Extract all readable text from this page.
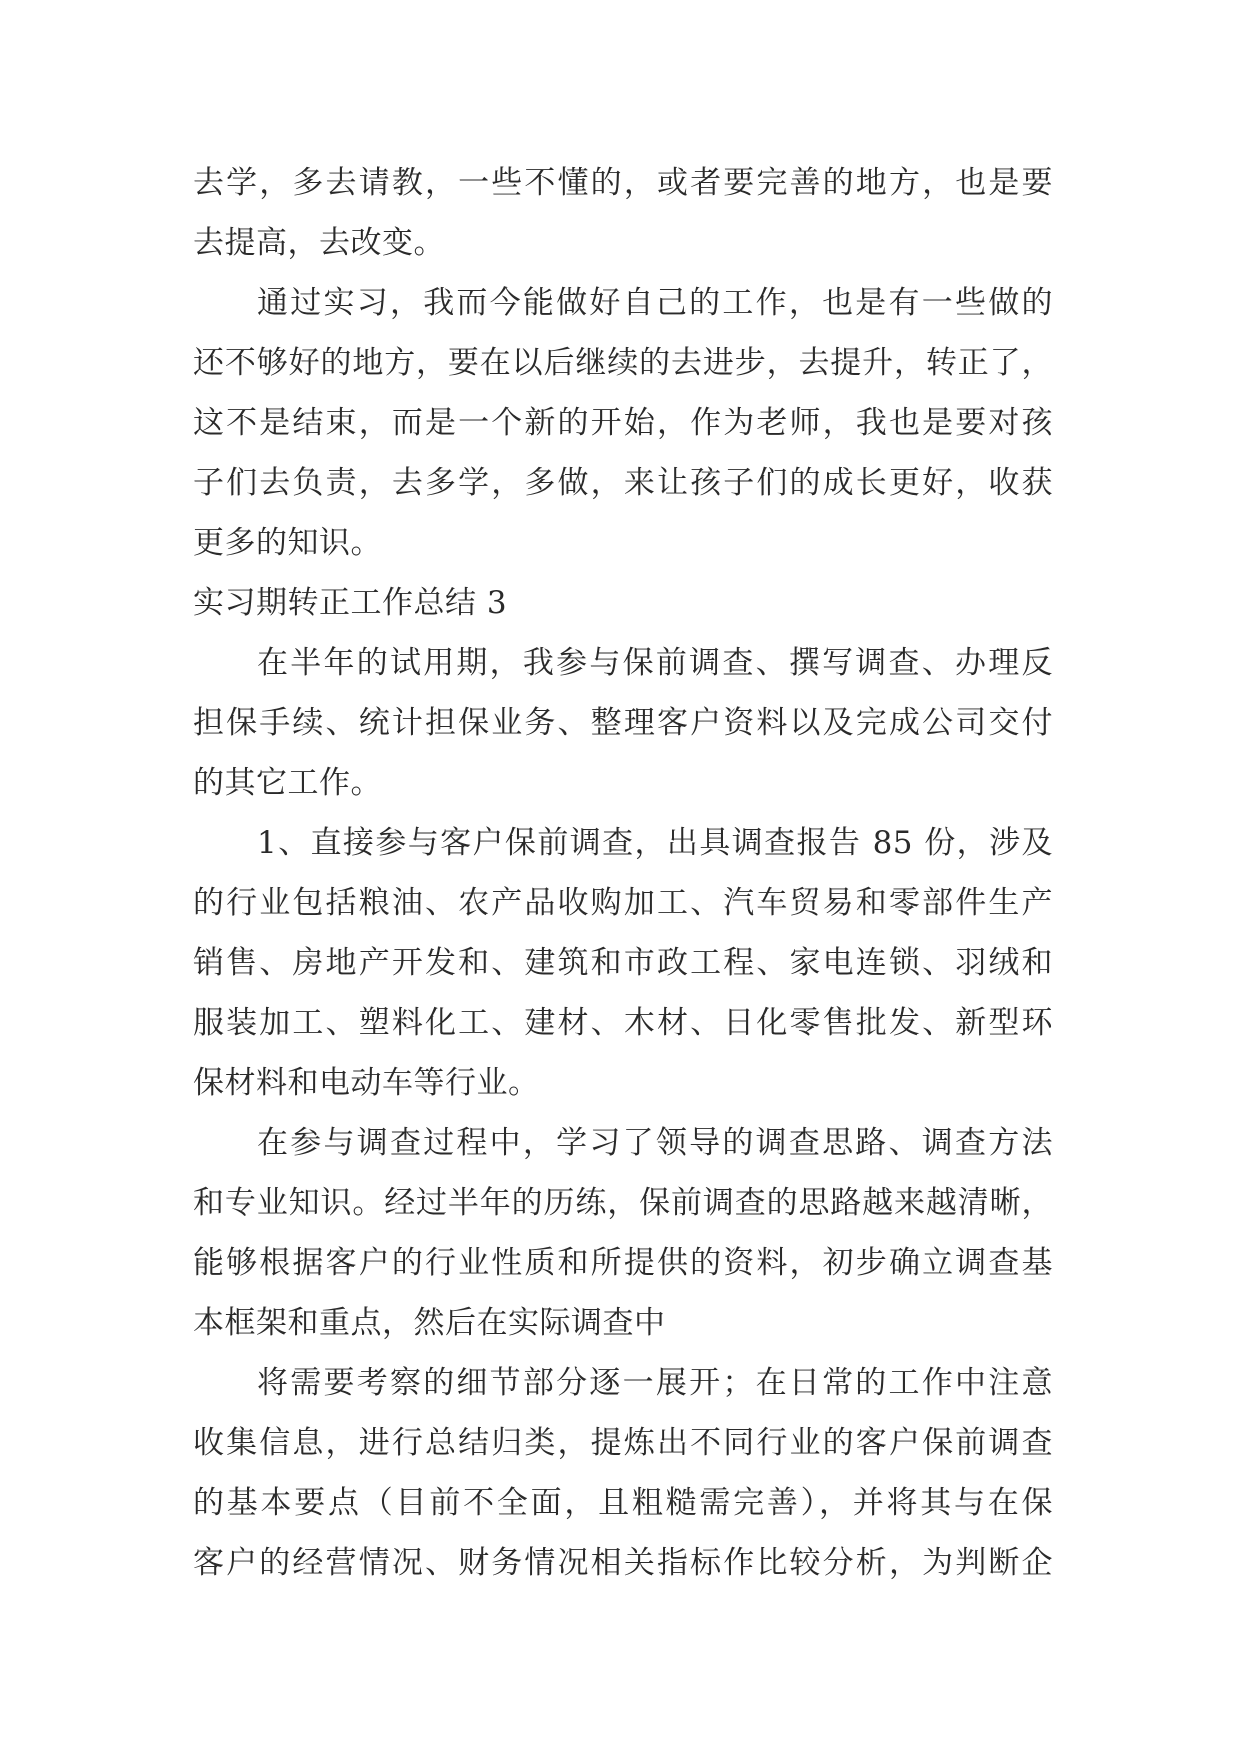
去学，多去请教，一些不懂的，或者要完善的地方，也是要
去提高，去改变。
通过实习，我而今能做好自己的工作，也是有一些做的
还不够好的地方，要在以后继续的去进步，去提升，转正了，
这不是结束，而是一个新的开始，作为老师，我也是要对孩
子们去负责，去多学，多做，来让孩子们的成长更好，收获
更多的知识。
实习期转正工作总结 3
在半年的试用期，我参与保前调查、撰写调查、办理反
担保手续、统计担保业务、整理客户资料以及完成公司交付
的其它工作。
1、直接参与客户保前调查，出具调查报告 85 份，涉及
的行业包括粮油、农产品收购加工、汽车贸易和零部件生产
销售、房地产开发和、建筑和市政工程、家电连锁、羽绒和
服装加工、塑料化工、建材、木材、日化零售批发、新型环
保材料和电动车等行业。
在参与调查过程中，学习了领导的调查思路、调查方法
和专业知识。经过半年的历练，保前调查的思路越来越清晰，
能够根据客户的行业性质和所提供的资料，初步确立调查基
本框架和重点，然后在实际调查中
将需要考察的细节部分逐一展开；在日常的工作中注意
收集信息，进行总结归类，提炼出不同行业的客户保前调查
的基本要点（目前不全面，且粗糙需完善），并将其与在保
客户的经营情况、财务情况相关指标作比较分析，为判断企
